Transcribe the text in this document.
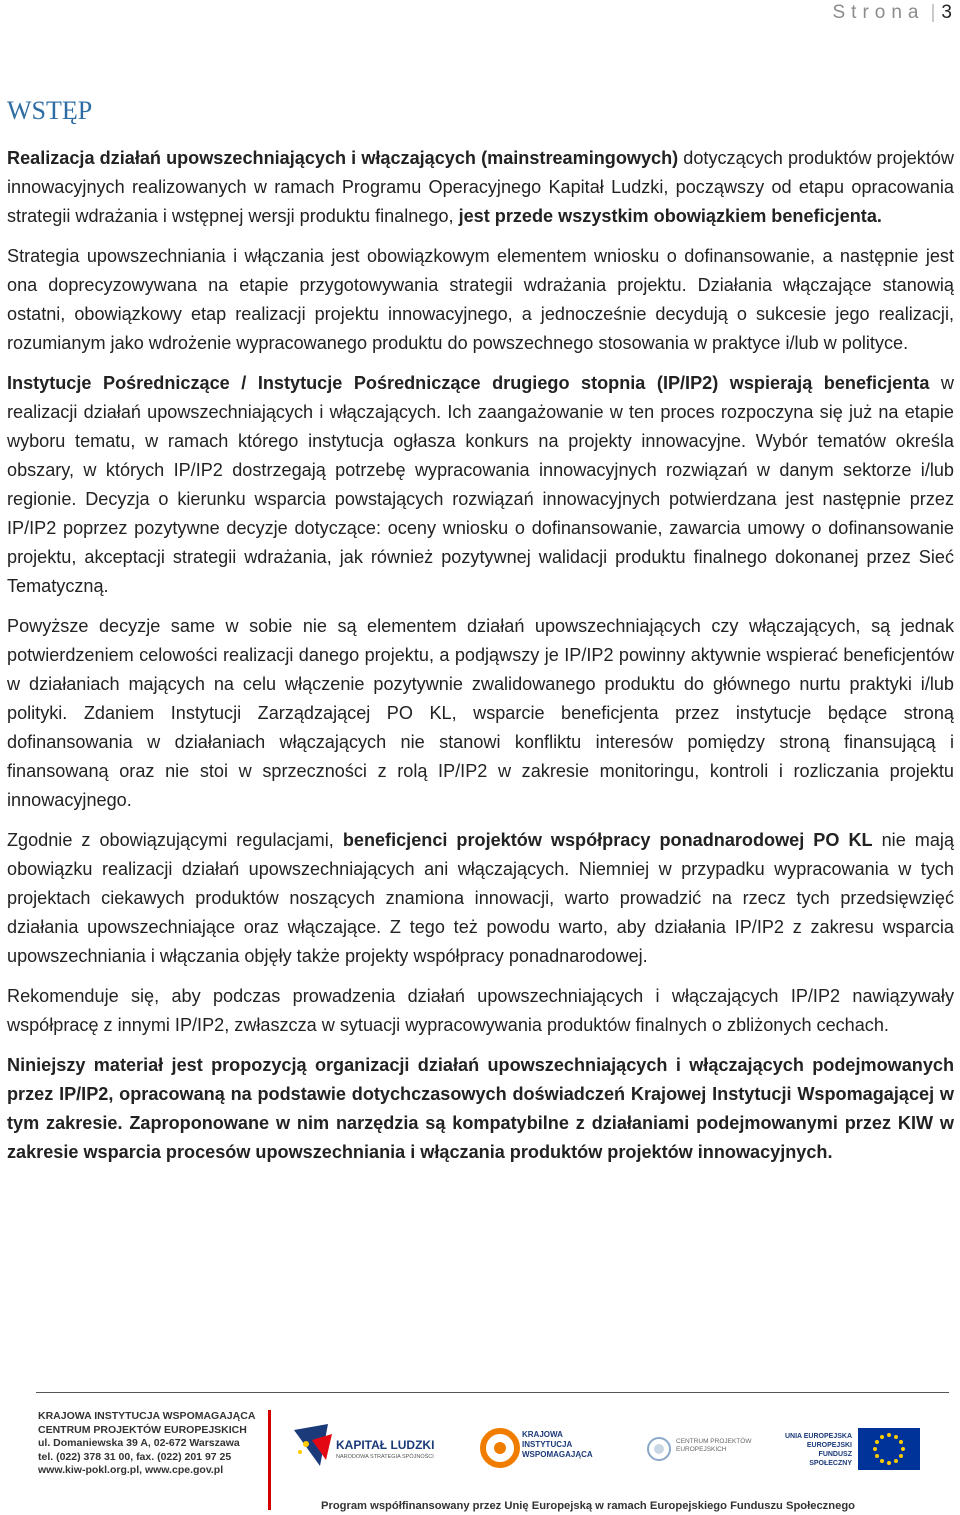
Strona | 3
WSTĘP

Realizacja działań upowszechniających i włączających (mainstreamingowych) dotyczących produktów projektów innowacyjnych realizowanych w ramach Programu Operacyjnego Kapitał Ludzki, począwszy od etapu opracowania strategii wdrażania i wstępnej wersji produktu finalnego, jest przede wszystkim obowiązkiem beneficjenta.

Strategia upowszechniania i włączania jest obowiązkowym elementem wniosku o dofinansowanie, a następnie jest ona doprecyzowywana na etapie przygotowywania strategii wdrażania projektu. Działania włączające stanowią ostatni, obowiązkowy etap realizacji projektu innowacyjnego, a jednocześnie decydują o sukcesie jego realizacji, rozumianym jako wdrożenie wypracowanego produktu do powszechnego stosowania w praktyce i/lub w polityce.

Instytucje Pośredniczące / Instytucje Pośredniczące drugiego stopnia (IP/IP2) wspierają beneficjenta w realizacji działań upowszechniających i włączających. Ich zaangażowanie w ten proces rozpoczyna się już na etapie wyboru tematu, w ramach którego instytucja ogłasza konkurs na projekty innowacyjne. Wybór tematów określa obszary, w których IP/IP2 dostrzegają potrzebę wypracowania innowacyjnych rozwiązań w danym sektorze i/lub regionie. Decyzja o kierunku wsparcia powstających rozwiązań innowacyjnych potwierdzana jest następnie przez IP/IP2 poprzez pozytywne decyzje dotyczące: oceny wniosku o dofinansowanie, zawarcia umowy o dofinansowanie projektu, akceptacji strategii wdrażania, jak również pozytywnej walidacji produktu finalnego dokonanej przez Sieć Tematyczną.

Powyższe decyzje same w sobie nie są elementem działań upowszechniających czy włączających, są jednak potwierdzeniem celowości realizacji danego projektu, a podjąwszy je IP/IP2 powinny aktywnie wspierać beneficjentów w działaniach mających na celu włączenie pozytywnie zwalidowanego produktu do głównego nurtu praktyki i/lub polityki. Zdaniem Instytucji Zarządzającej PO KL, wsparcie beneficjenta przez instytucje będące stroną dofinansowania w działaniach włączających nie stanowi konfliktu interesów pomiędzy stroną finansującą i finansowaną oraz nie stoi w sprzeczności z rolą IP/IP2 w zakresie monitoringu, kontroli i rozliczania projektu innowacyjnego.

Zgodnie z obowiązującymi regulacjami, beneficjenci projektów współpracy ponadnarodowej PO KL nie mają obowiązku realizacji działań upowszechniających ani włączających. Niemniej w przypadku wypracowania w tych projektach ciekawych produktów noszących znamiona innowacji, warto prowadzić na rzecz tych przedsięwzięć działania upowszechniające oraz włączające. Z tego też powodu warto, aby działania IP/IP2 z zakresu wsparcia upowszechniania i włączania objęły także projekty współpracy ponadnarodowej.

Rekomenduje się, aby podczas prowadzenia działań upowszechniających i włączających IP/IP2 nawiązywały współpracę z innymi IP/IP2, zwłaszcza w sytuacji wypracowywania produktów finalnych o zbliżonych cechach.

Niniejszy materiał jest propozycją organizacji działań upowszechniających i włączających podejmowanych przez IP/IP2, opracowaną na podstawie dotychczasowych doświadczeń Krajowej Instytucji Wspomagającej w tym zakresie. Zaproponowane w nim narzędzia są kompatybilne z działaniami podejmowanymi przez KIW w zakresie wsparcia procesów upowszechniania i włączania produktów projektów innowacyjnych.

KRAJOWA INSTYTUCJA WSPOMAGAJĄCA
CENTRUM PROJEKTÓW EUROPEJSKICH
ul. Domaniewska 39 A, 02-672 Warszawa
tel. (022) 378 31 00, fax. (022) 201 97 25
www.kiw-pokl.org.pl, www.cpe.gov.pl
KAPITAŁ LUDZKI
NARODOWA STRATEGIA SPÓJNOŚCI
KRAJOWA
INSTYTUCJA
WSPOMAGAJĄCA
CENTRUM PROJEKTÓW
EUROPEJSKICH
UNIA EUROPEJSKA
EUROPEJSKI
FUNDUSZ SPOŁECZNY
Program współfinansowany przez Unię Europejską w ramach Europejskiego Funduszu Społecznego
